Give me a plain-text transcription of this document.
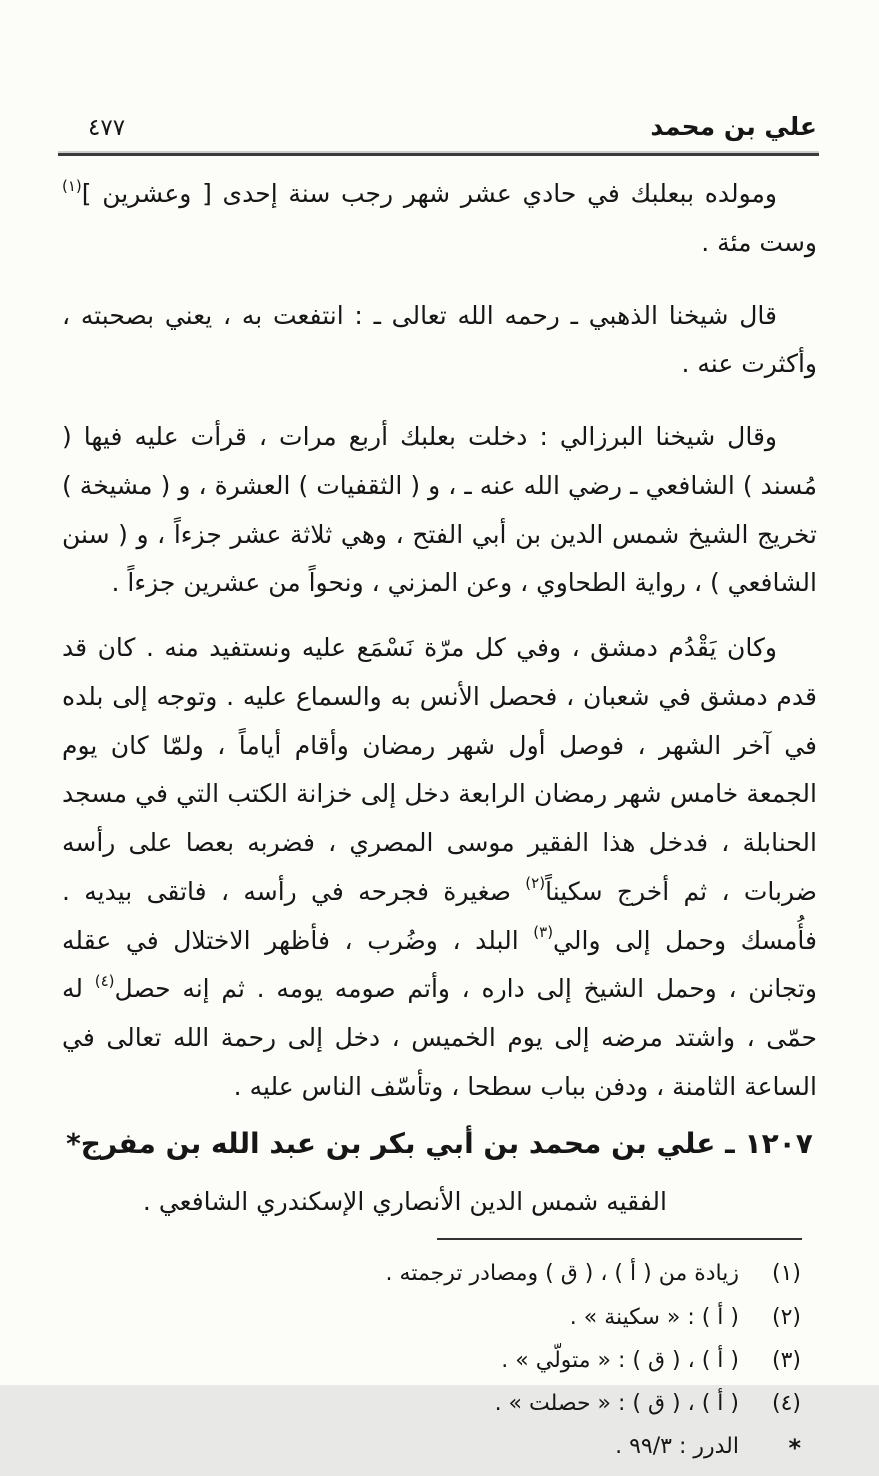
علي بن محمد
٤٧٧

ومولده ببعلبك في حادي عشر شهر رجب سنة إحدى [ وعشرين ]$^{(١)}$ وست مئة .

قال شيخنا الذهبي ـ رحمه الله تعالى ـ : انتفعت به ، يعني بصحبته ، وأكثرت عنه .

وقال شيخنا البرزالي : دخلت بعلبك أربع مرات ، قرأت عليه فيها ( مُسند ) الشافعي ـ رضي الله عنه ـ ، و ( الثقفيات ) العشرة ، و ( مشيخة ) تخريج الشيخ شمس الدين بن أبي الفتح ، وهي ثلاثة عشر جزءاً ، و ( سنن الشافعي ) ، رواية الطحاوي ، وعن المزني ، ونحواً من عشرين جزءاً .

وكان يَقْدُم دمشق ، وفي كل مرّة نَسْمَع عليه ونستفيد منه . كان قد قدم دمشق في شعبان ، فحصل الأنس به والسماع عليه . وتوجه إلى بلده في آخر الشهر ، فوصل أول شهر رمضان وأقام أياماً ، ولمّا كان يوم الجمعة خامس شهر رمضان الرابعة دخل إلى خزانة الكتب التي في مسجد الحنابلة ، فدخل هذا الفقير موسى المصري ، فضربه بعصا على رأسه ضربات ، ثم أخرج سكيناً$^{(٢)}$ صغيرة فجرحه في رأسه ، فاتقى بيديه . فأُمسك وحمل إلى والي$^{(٣)}$ البلد ، وضُرب ، فأظهر الاختلال في عقله وتجانن ، وحمل الشيخ إلى داره ، وأتم صومه يومه . ثم إنه حصل$^{(٤)}$ له حمّى ، واشتد مرضه إلى يوم الخميس ، دخل إلى رحمة الله تعالى في الساعة الثامنة ، ودفن بباب سطحا ، وتأسّف الناس عليه .

١٢٠٧ ـ علي بن محمد بن أبي بكر بن عبد الله بن مفرج*
الفقيه شمس الدين الأنصاري الإسكندري الشافعي .
(١)
زيادة من ( أ ) ، ( ق ) ومصادر ترجمته .
(٢)
( أ ) : « سكينة » .
(٣)
( أ ) ، ( ق ) : « متولّي » .
(٤)
( أ ) ، ( ق ) : « حصلت » .
*
الدرر : ٩٩/٣ .
